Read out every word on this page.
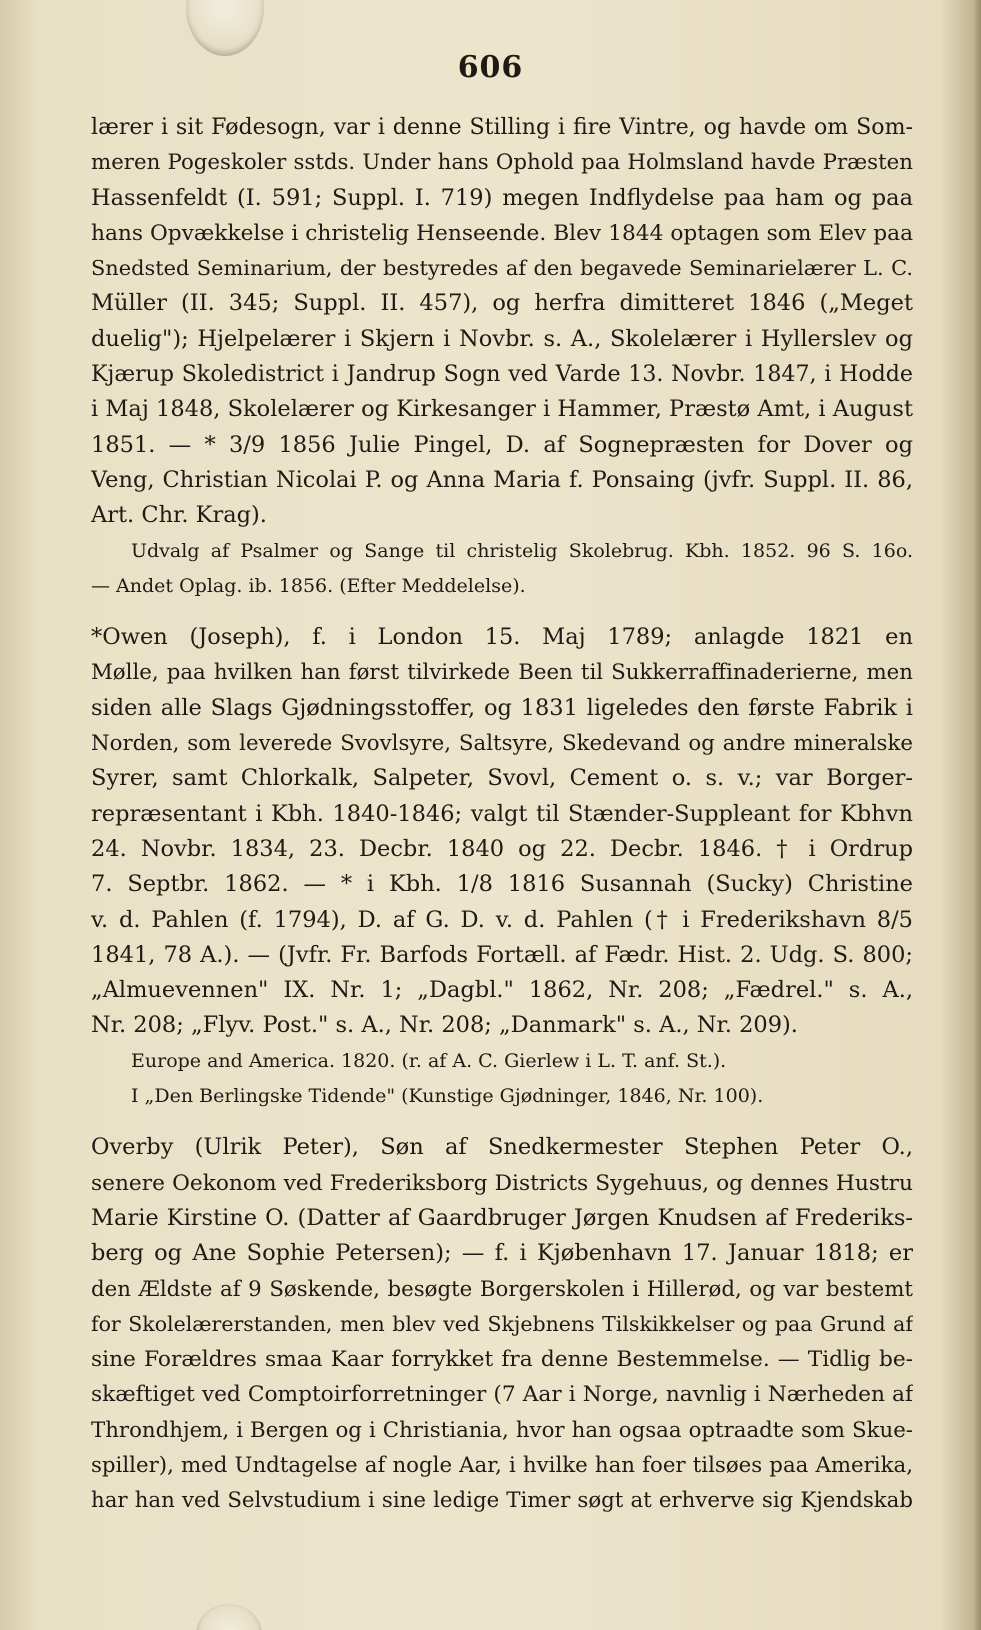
606
lærer i sit Fødesogn, var i denne Stilling i fire Vintre, og havde om Som-
meren Pogeskoler sstds. Under hans Ophold paa Holmsland havde Præsten
Hassenfeldt (I. 591; Suppl. I. 719) megen Indflydelse paa ham og paa
hans Opvækkelse i christelig Henseende. Blev 1844 optagen som Elev paa
Snedsted Seminarium, der bestyredes af den begavede Seminarielærer L. C.
Müller (II. 345; Suppl. II. 457), og herfra dimitteret 1846 („Meget
duelig"); Hjelpelærer i Skjern i Novbr. s. A., Skolelærer i Hyllerslev og
Kjærup Skoledistrict i Jandrup Sogn ved Varde 13. Novbr. 1847, i Hodde
i Maj 1848, Skolelærer og Kirkesanger i Hammer, Præstø Amt, i August
1851. — * 3/9 1856 Julie Pingel, D. af Sognepræsten for Dover og
Veng, Christian Nicolai P. og Anna Maria f. Ponsaing (jvfr. Suppl. II. 86,
Art. Chr. Krag).
Udvalg af Psalmer og Sange til christelig Skolebrug. Kbh. 1852. 96 S. 16o.
— Andet Oplag. ib. 1856. (Efter Meddelelse).
*Owen (Joseph), f. i London 15. Maj 1789; anlagde 1821 en
Mølle, paa hvilken han først tilvirkede Been til Sukkerraffinaderierne, men
siden alle Slags Gjødningsstoffer, og 1831 ligeledes den første Fabrik i
Norden, som leverede Svovlsyre, Saltsyre, Skedevand og andre mineralske
Syrer, samt Chlorkalk, Salpeter, Svovl, Cement o. s. v.; var Borger-
repræsentant i Kbh. 1840-1846; valgt til Stænder-Suppleant for Kbhvn
24. Novbr. 1834, 23. Decbr. 1840 og 22. Decbr. 1846. † i Ordrup
7. Septbr. 1862. — * i Kbh. 1/8 1816 Susannah (Sucky) Christine
v. d. Pahlen (f. 1794), D. af G. D. v. d. Pahlen († i Frederikshavn 8/5
1841, 78 A.). — (Jvfr. Fr. Barfods Fortæll. af Fædr. Hist. 2. Udg. S. 800;
„Almuevennen" IX. Nr. 1; „Dagbl." 1862, Nr. 208; „Fædrel." s. A.,
Nr. 208; „Flyv. Post." s. A., Nr. 208; „Danmark" s. A., Nr. 209).
Europe and America. 1820. (r. af A. C. Gierlew i L. T. anf. St.).
I „Den Berlingske Tidende" (Kunstige Gjødninger, 1846, Nr. 100).
Overby (Ulrik Peter), Søn af Snedkermester Stephen Peter O.,
senere Oekonom ved Frederiksborg Districts Sygehuus, og dennes Hustru
Marie Kirstine O. (Datter af Gaardbruger Jørgen Knudsen af Frederiks-
berg og Ane Sophie Petersen); — f. i Kjøbenhavn 17. Januar 1818; er
den Ældste af 9 Søskende, besøgte Borgerskolen i Hillerød, og var bestemt
for Skolelærerstanden, men blev ved Skjebnens Tilskikkelser og paa Grund af
sine Forældres smaa Kaar forrykket fra denne Bestemmelse. — Tidlig be-
skæftiget ved Comptoirforretninger (7 Aar i Norge, navnlig i Nærheden af
Throndhjem, i Bergen og i Christiania, hvor han ogsaa optraadte som Skue-
spiller), med Undtagelse af nogle Aar, i hvilke han foer tilsøes paa Amerika,
har han ved Selvstudium i sine ledige Timer søgt at erhverve sig Kjendskab
